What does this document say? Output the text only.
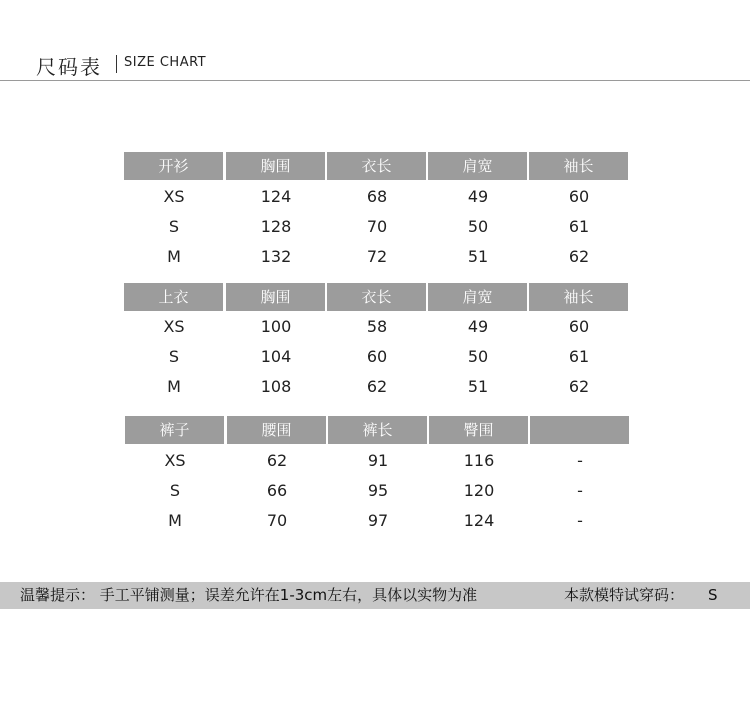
尺码表 SIZE CHART
开衫	胸围	衣长	肩宽	袖长
XS	124	68	49	60
S	128	70	50	61
M	132	72	51	62
上衣	胸围	衣长	肩宽	袖长
XS	100	58	49	60
S	104	60	50	61
M	108	62	51	62
裤子	腰围	裤长	臀围
XS	62	91	116	-
S	66	95	120	-
M	70	97	124	-
温馨提示： 手工平铺测量；误差允许在1-3cm左右，具体以实物为准	本款模特试穿码： S
